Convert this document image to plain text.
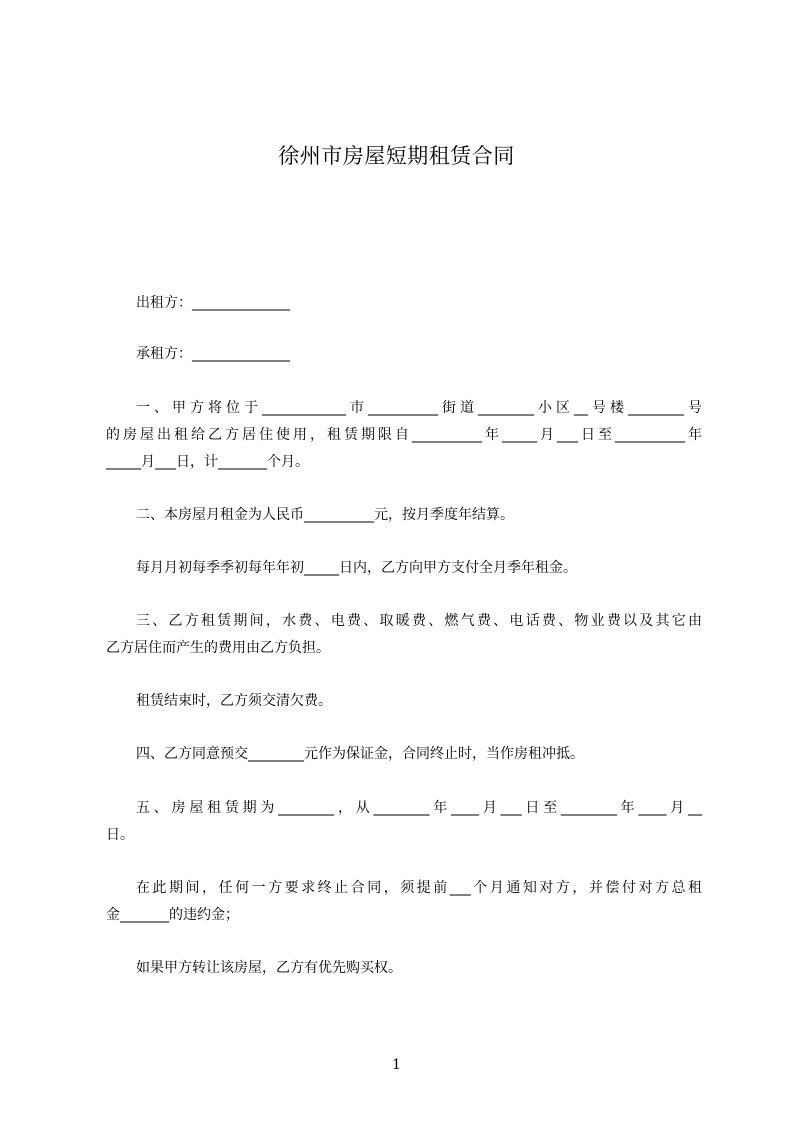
徐州市房屋短期租赁合同

出租方：______________

承租方：______________

一、甲方将位于____________市__________街道________小区__号楼________号
的房屋出租给乙方居住使用，租赁期限自__________年_____月___日至__________年
_____月___日，计_______个月。

二、本房屋月租金为人民币__________元，按月季度年结算。

每月月初每季季初每年年初_____日内，乙方向甲方支付全月季年租金。

三、乙方租赁期间，水费、电费、取暖费、燃气费、电话费、物业费以及其它由
乙方居住而产生的费用由乙方负担。

租赁结束时，乙方须交清欠费。

四、乙方同意预交________元作为保证金，合同终止时，当作房租冲抵。

五、房屋租赁期为________，从________年____月___日至________年____月__
日。

在此期间，任何一方要求终止合同，须提前___个月通知对方，并偿付对方总租
金_______的违约金；

如果甲方转让该房屋，乙方有优先购买权。

1
